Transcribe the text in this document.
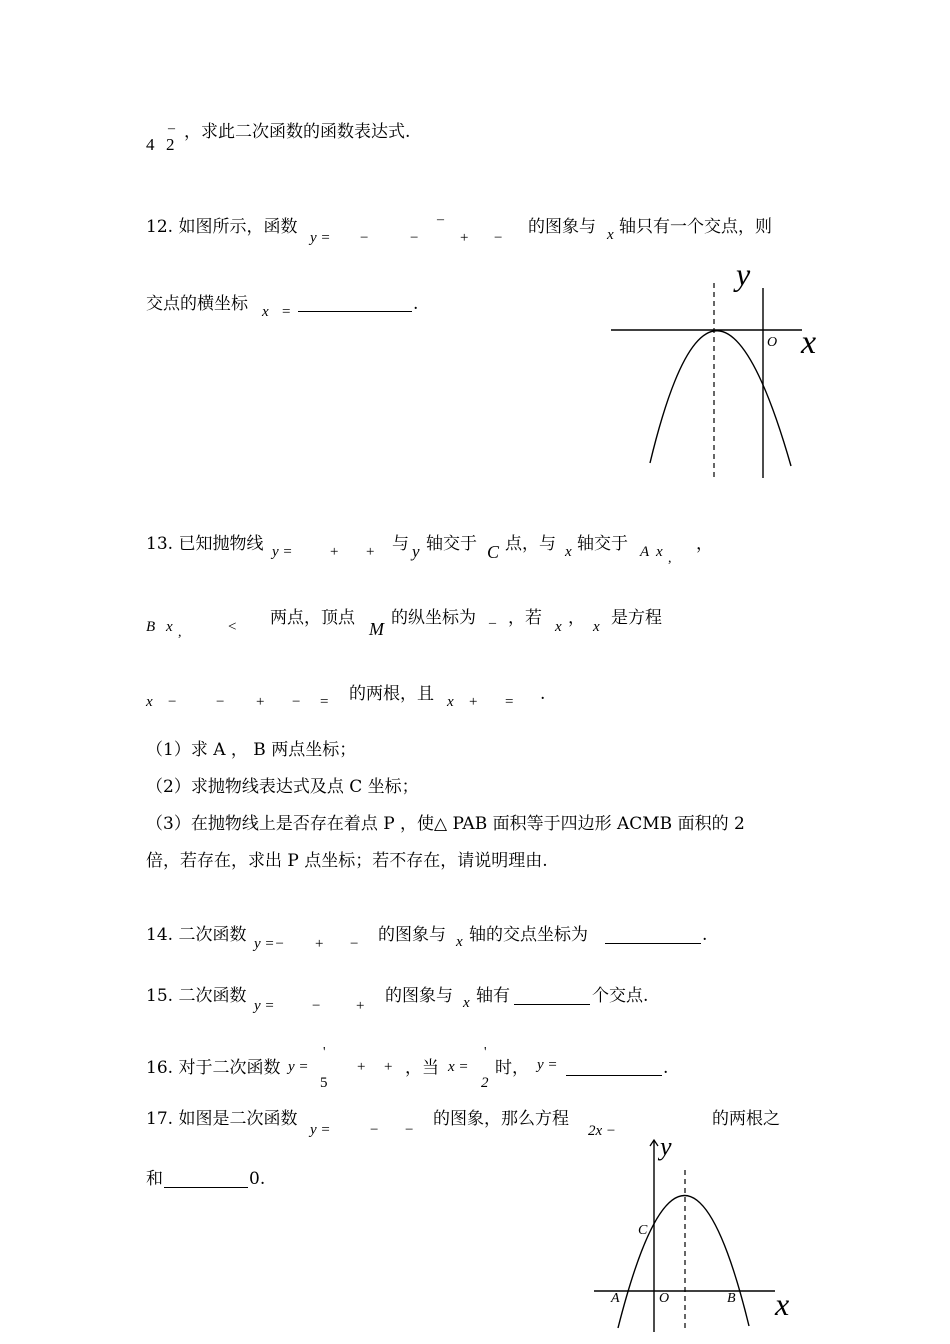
4
–
2
，求此二次函数的函数表达式.
12. 如图所示，函数
y = −	−
–
+ −
的图象与 x 轴只有一个交点，则
交点的横坐标 x =	.
y
x
O
13. 已知抛物线 y = + + 与 y 轴交于 C 点，与 x 轴交于 A x ,
，
B x ,	< 两点，顶点
M
的纵坐标为 _ ，若 x ， x 是方程
x −	− + − = 的两根，且 x + = .
（1）求 A ， B 两点坐标；
（2）求抛物线表达式及点 C 坐标；
（3）在抛物线上是否存在着点 P ，使△ PAB 面积等于四边形 ACMB 面积的 2
倍，若存在，求出 P 点坐标；若不存在，请说明理由.
14. 二次函数 y =− + − 的图象与 x 轴的交点坐标为	.
15. 二次函数 y = − + 的图象与 x 轴有	个交点.
16. 对于二次函数 y =
'
5
+ + ，当 x =
'
2
时， y =	.
17. 如图是二次函数
y =	− −
的图象，那么方程
2x −
的两根之
和	0.
y
x
C
A	O	B
